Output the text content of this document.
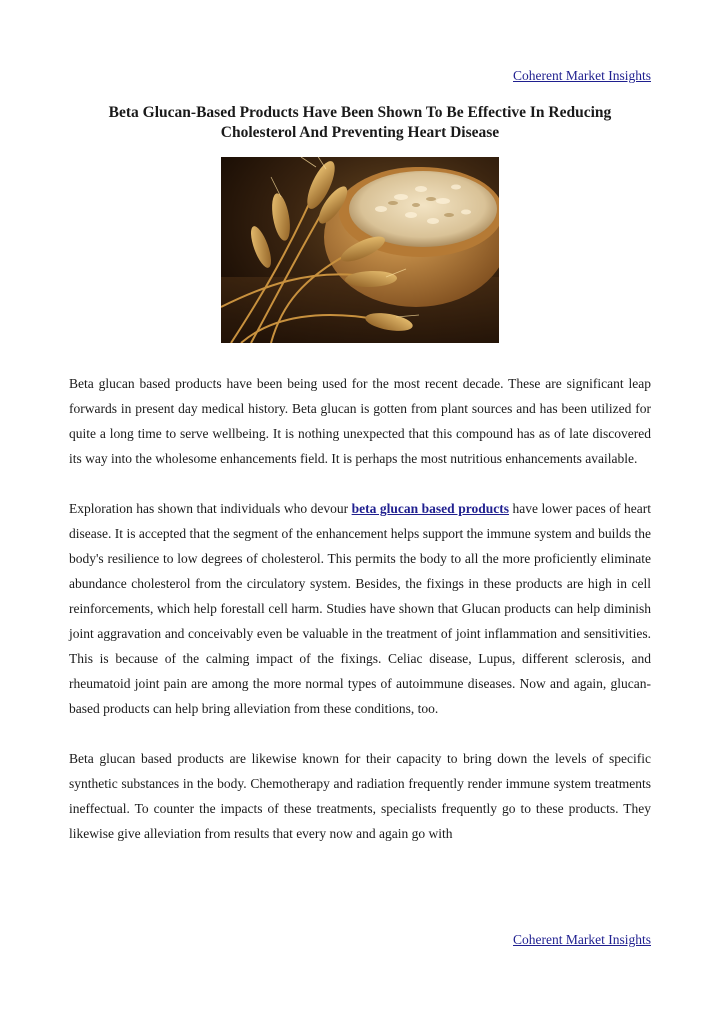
Coherent Market Insights
Beta Glucan-Based Products Have Been Shown To Be Effective In Reducing
Cholesterol And Preventing Heart Disease

Beta glucan based products have been being used for the most recent decade. These are significant leap forwards in present day medical history. Beta glucan is gotten from plant sources and has been utilized for quite a long time to serve wellbeing. It is nothing unexpected that this compound has as of late discovered its way into the wholesome enhancements field. It is perhaps the most nutritious enhancements available.

Exploration has shown that individuals who devour beta glucan based products have lower paces of heart disease. It is accepted that the segment of the enhancement helps support the immune system and builds the body's resilience to low degrees of cholesterol. This permits the body to all the more proficiently eliminate abundance cholesterol from the circulatory system. Besides, the fixings in these products are high in cell reinforcements, which help forestall cell harm. Studies have shown that Glucan products can help diminish joint aggravation and conceivably even be valuable in the treatment of joint inflammation and sensitivities. This is because of the calming impact of the fixings. Celiac disease, Lupus, different sclerosis, and rheumatoid joint pain are among the more normal types of autoimmune diseases. Now and again, glucan-based products can help bring alleviation from these conditions, too.

Beta glucan based products are likewise known for their capacity to bring down the levels of specific synthetic substances in the body. Chemotherapy and radiation frequently render immune system treatments ineffectual. To counter the impacts of these treatments, specialists frequently go to these products. They likewise give alleviation from results that every now and again go with

Coherent Market Insights
